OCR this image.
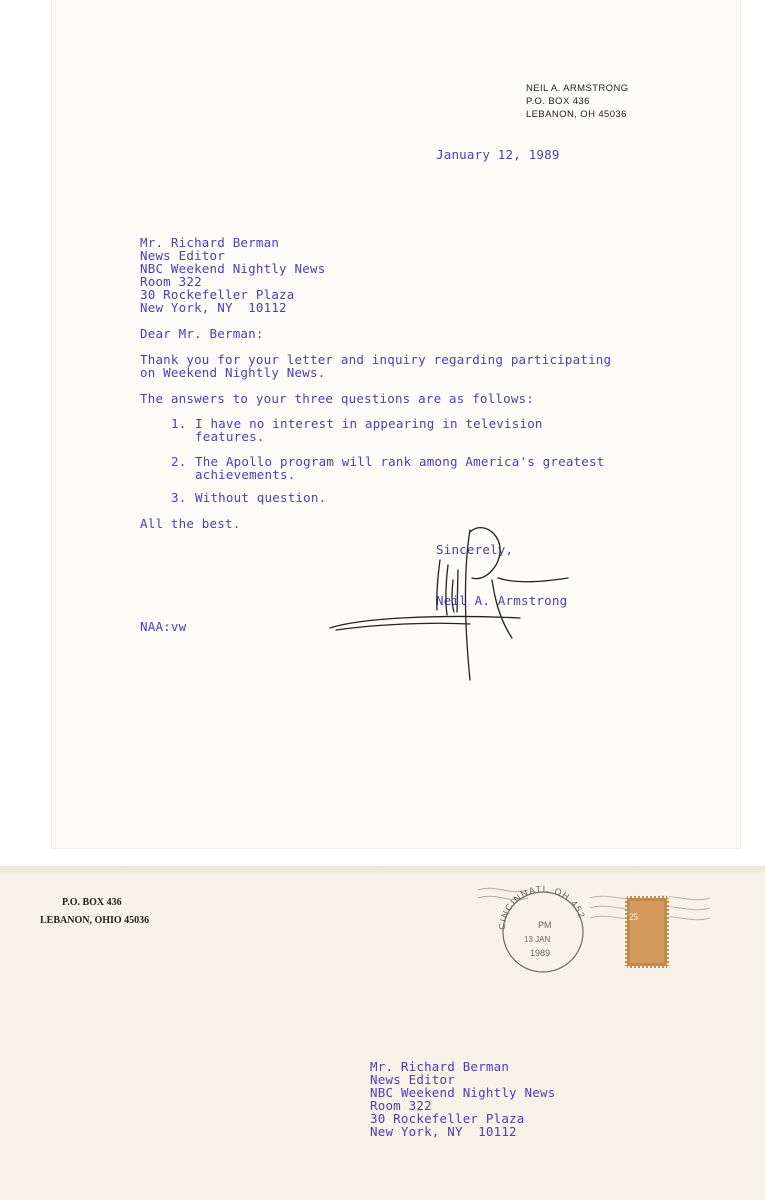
NEIL A. ARMSTRONG
P.O. BOX 436
LEBANON, OH 45036
January 12, 1989
Mr. Richard Berman
News Editor
NBC Weekend Nightly News
Room 322
30 Rockefeller Plaza
New York, NY  10112
Dear Mr. Berman:
Thank you for your letter and inquiry regarding participating
on Weekend Nightly News.
The answers to your three questions are as follows:
1. I have no interest in appearing in television
features.
2. The Apollo program will rank among America's greatest
achievements.
3. Without question.
All the best.
Sincerely,
Neil A. Armstrong
NAA:vw
P.O. BOX 436
LEBANON, OHIO 45036	CINCINNATI, OH 452
PM
13 JAN
1989
25
Mr. Richard Berman
News Editor
NBC Weekend Nightly News
Room 322
30 Rockefeller Plaza
New York, NY  10112
